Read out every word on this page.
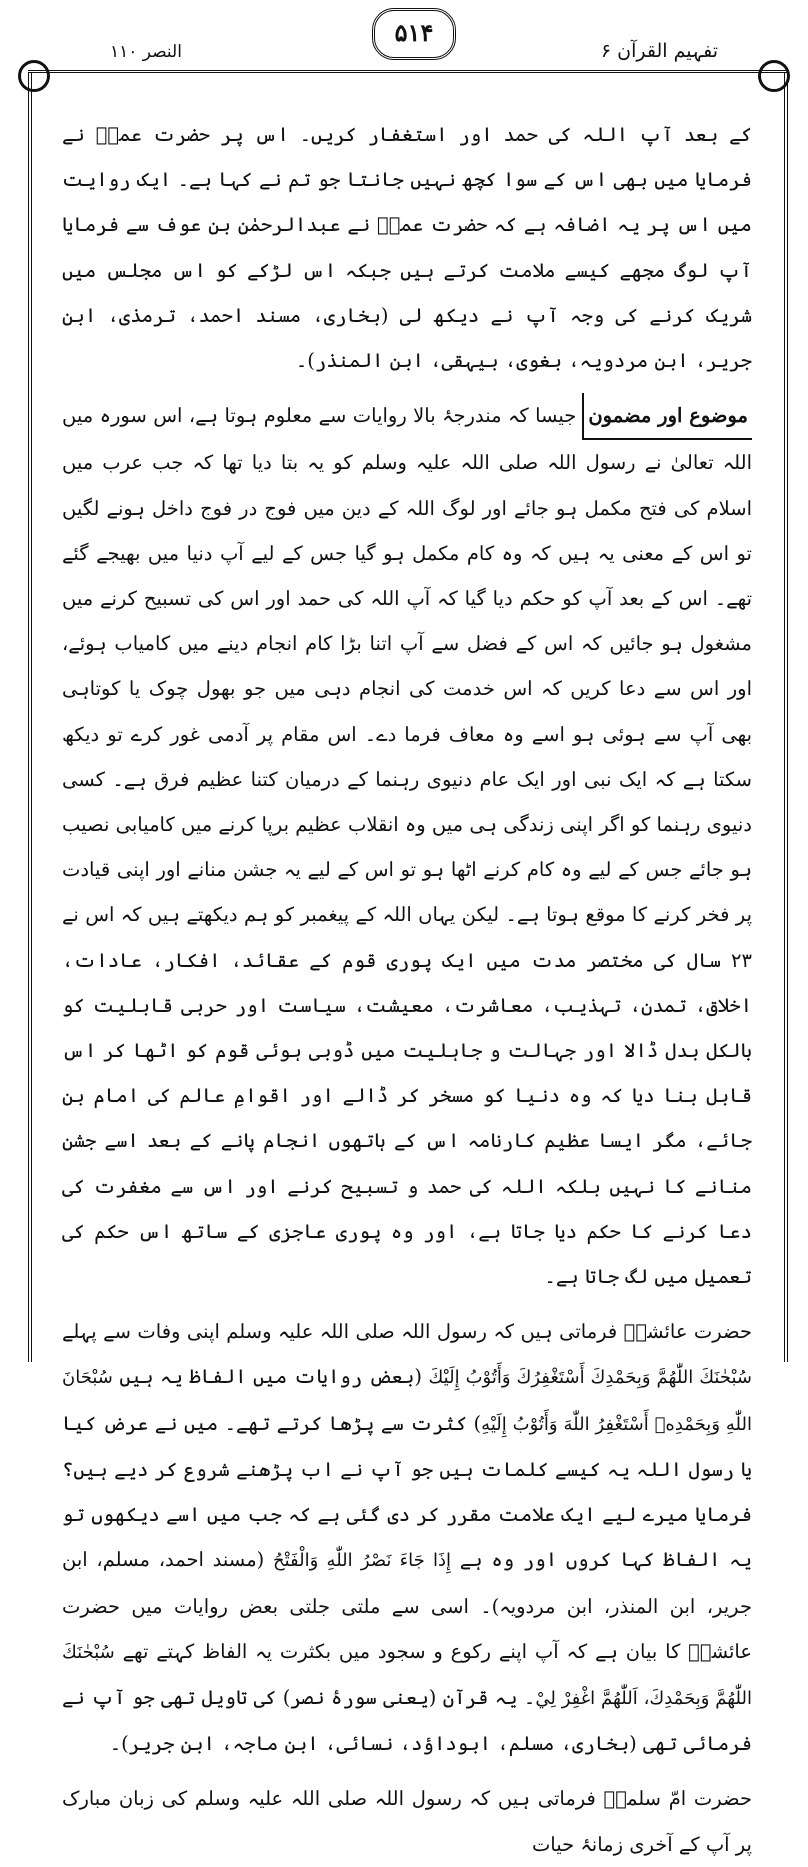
تفہیم القرآن ۶
۵۱۴
النصر ۱۱۰

کے بعد آپ اللہ کی حمد اور استغفار کریں۔ اس پر حضرت عمرؓ نے فرمایا میں بھی اس کے سوا کچھ نہیں جانتا جو تم نے کہا ہے۔ ایک روایت میں اس پر یہ اضافہ ہے کہ حضرت عمرؓ نے عبدالرحمٰن بن عوف سے فرمایا آپ لوگ مجھے کیسے ملامت کرتے ہیں جبکہ اس لڑکے کو اس مجلس میں شریک کرنے کی وجہ آپ نے دیکھ لی (بخاری، مسند احمد، ترمذی، ابن جریر، ابن مردویہ، بغوی، بیہقی، ابن المنذر)۔

موضوع اور مضمونجیسا کہ مندرجۂ بالا روایات سے معلوم ہوتا ہے، اس سورہ میں اللہ تعالیٰ نے رسول اللہ صلی اللہ علیہ وسلم کو یہ بتا دیا تھا کہ جب عرب میں اسلام کی فتح مکمل ہو جائے اور لوگ اللہ کے دین میں فوج در فوج داخل ہونے لگیں تو اس کے معنی یہ ہیں کہ وہ کام مکمل ہو گیا جس کے لیے آپ دنیا میں بھیجے گئے تھے۔ اس کے بعد آپ کو حکم دیا گیا کہ آپ اللہ کی حمد اور اس کی تسبیح کرنے میں مشغول ہو جائیں کہ اس کے فضل سے آپ اتنا بڑا کام انجام دینے میں کامیاب ہوئے، اور اس سے دعا کریں کہ اس خدمت کی انجام دہی میں جو بھول چوک یا کوتاہی بھی آپ سے ہوئی ہو اسے وہ معاف فرما دے۔ اس مقام پر آدمی غور کرے تو دیکھ سکتا ہے کہ ایک نبی اور ایک عام دنیوی رہنما کے درمیان کتنا عظیم فرق ہے۔ کسی دنیوی رہنما کو اگر اپنی زندگی ہی میں وہ انقلاب عظیم برپا کرنے میں کامیابی نصیب ہو جائے جس کے لیے وہ کام کرنے اٹھا ہو تو اس کے لیے یہ جشن منانے اور اپنی قیادت پر فخر کرنے کا موقع ہوتا ہے۔ لیکن یہاں اللہ کے پیغمبر کو ہم دیکھتے ہیں کہ اس نے ۲۳ سال کی مختصر مدت میں ایک پوری قوم کے عقائد، افکار، عادات، اخلاق، تمدن، تہذیب، معاشرت، معیشت، سیاست اور حربی قابلیت کو بالکل بدل ڈالا اور جہالت و جاہلیت میں ڈوبی ہوئی قوم کو اٹھا کر اس قابل بنا دیا کہ وہ دنیا کو مسخر کر ڈالے اور اقوامِ عالم کی امام بن جائے، مگر ایسا عظیم کارنامہ اس کے ہاتھوں انجام پانے کے بعد اسے جشن منانے کا نہیں بلکہ اللہ کی حمد و تسبیح کرنے اور اس سے مغفرت کی دعا کرنے کا حکم دیا جاتا ہے، اور وہ پوری عاجزی کے ساتھ اس حکم کی تعمیل میں لگ جاتا ہے۔

حضرت عائشہؓ فرماتی ہیں کہ رسول اللہ صلی اللہ علیہ وسلم اپنی وفات سے پہلے سُبْحٰنَكَ اللّٰهُمَّ وَبِحَمْدِكَ أَسْتَغْفِرُكَ وَأَتُوْبُ إِلَيْكَ (بعض روایات میں الفاظ یہ ہیں سُبْحَانَ اللّٰهِ وَبِحَمْدِهٖ أَسْتَغْفِرُ اللّٰهَ وَأَتُوْبُ إِلَيْهِ) کثرت سے پڑھا کرتے تھے۔ میں نے عرض کیا یا رسول اللہ یہ کیسے کلمات ہیں جو آپ نے اب پڑھنے شروع کر دیے ہیں؟ فرمایا میرے لیے ایک علامت مقرر کر دی گئی ہے کہ جب میں اسے دیکھوں تو یہ الفاظ کہا کروں اور وہ ہے إِذَا جَاءَ نَصْرُ اللّٰهِ وَالْفَتْحُ (مسند احمد، مسلم، ابن جریر، ابن المنذر، ابن مردویہ)۔ اسی سے ملتی جلتی بعض روایات میں حضرت عائشہؓ کا بیان ہے کہ آپ اپنے رکوع و سجود میں بکثرت یہ الفاظ کہتے تھے سُبْحٰنَكَ اللّٰهُمَّ وَبِحَمْدِكَ، اَللّٰهُمَّ اغْفِرْ لِيْ۔ یہ قرآن (یعنی سورۂ نصر) کی تاویل تھی جو آپ نے فرمائی تھی (بخاری، مسلم، ابوداؤد، نسائی، ابن ماجہ، ابن جریر)۔

حضرت امّ سلمہؓ فرماتی ہیں کہ رسول اللہ صلی اللہ علیہ وسلم کی زبان مبارک پر آپ کے آخری زمانۂ حیات
